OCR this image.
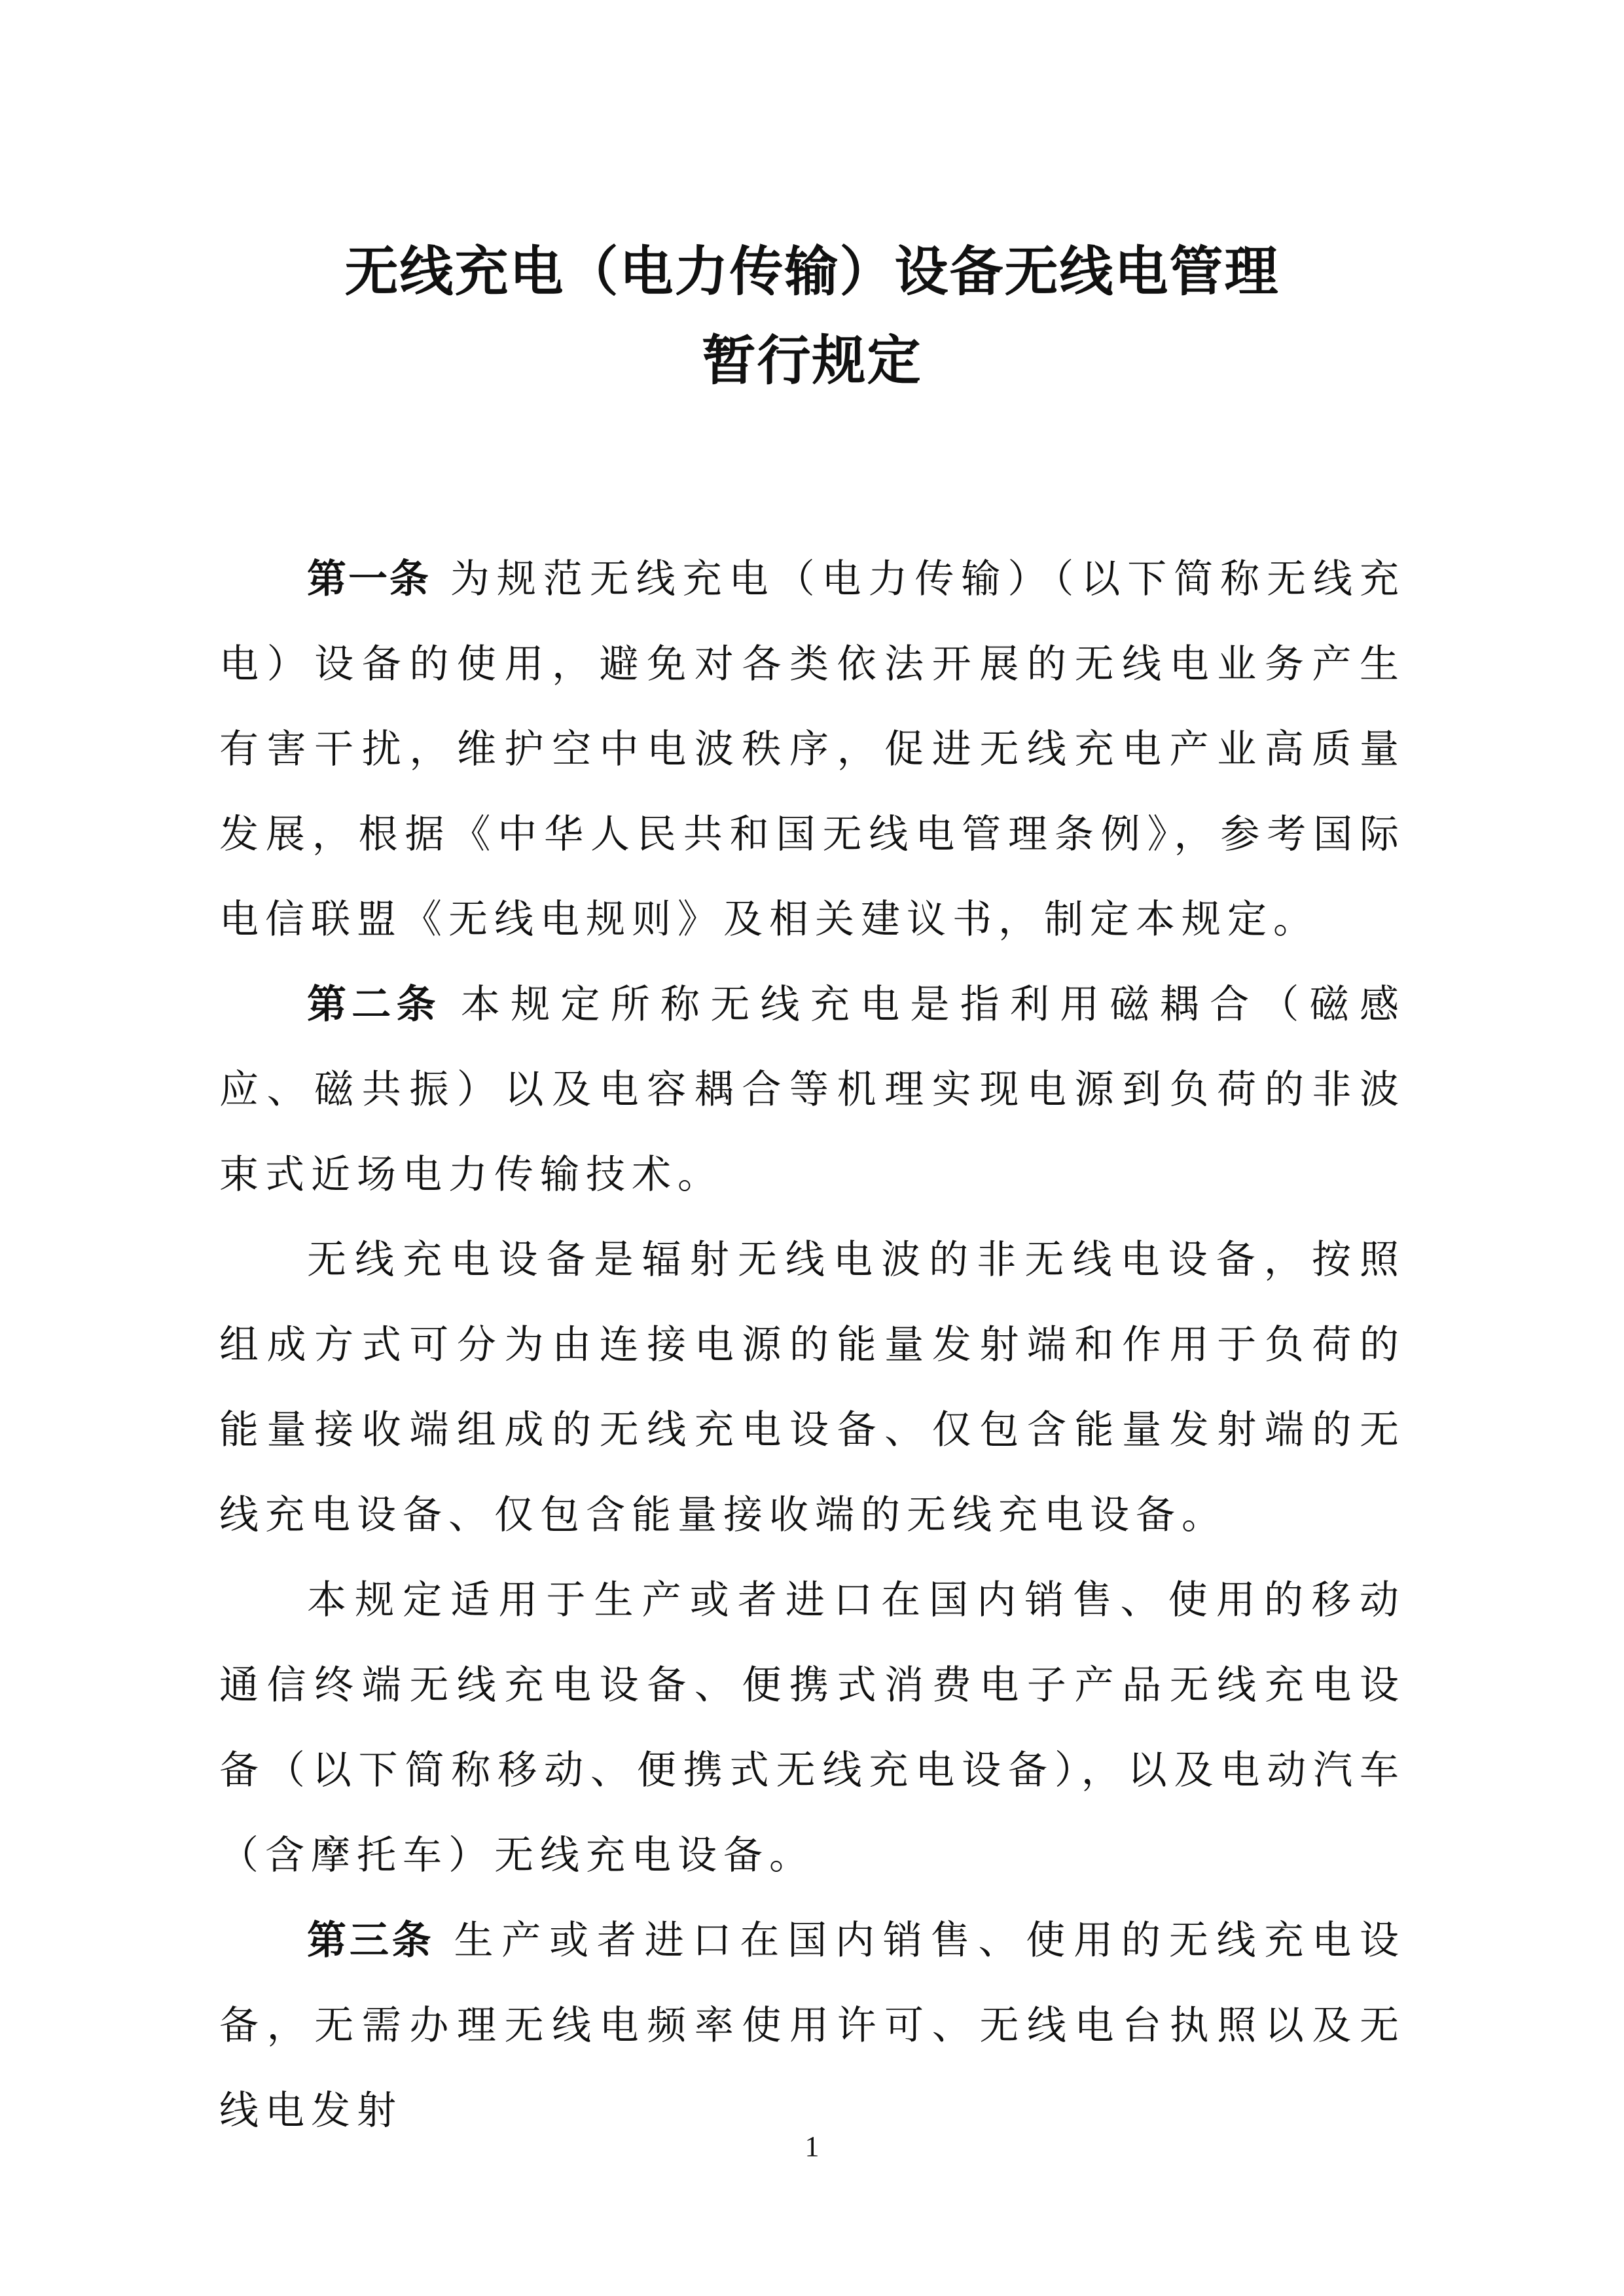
无线充电（电力传输）设备无线电管理
暂行规定

第一条 为规范无线充电（电力传输）（以下简称无线充电）设备的使用，避免对各类依法开展的无线电业务产生有害干扰，维护空中电波秩序，促进无线充电产业高质量发展，根据《中华人民共和国无线电管理条例》，参考国际电信联盟《无线电规则》及相关建议书，制定本规定。

第二条 本规定所称无线充电是指利用磁耦合（磁感应、磁共振）以及电容耦合等机理实现电源到负荷的非波束式近场电力传输技术。

无线充电设备是辐射无线电波的非无线电设备，按照组成方式可分为由连接电源的能量发射端和作用于负荷的能量接收端组成的无线充电设备、仅包含能量发射端的无线充电设备、仅包含能量接收端的无线充电设备。

本规定适用于生产或者进口在国内销售、使用的移动通信终端无线充电设备、便携式消费电子产品无线充电设备（以下简称移动、便携式无线充电设备），以及电动汽车（含摩托车）无线充电设备。

第三条 生产或者进口在国内销售、使用的无线充电设备，无需办理无线电频率使用许可、无线电台执照以及无线电发射

1
